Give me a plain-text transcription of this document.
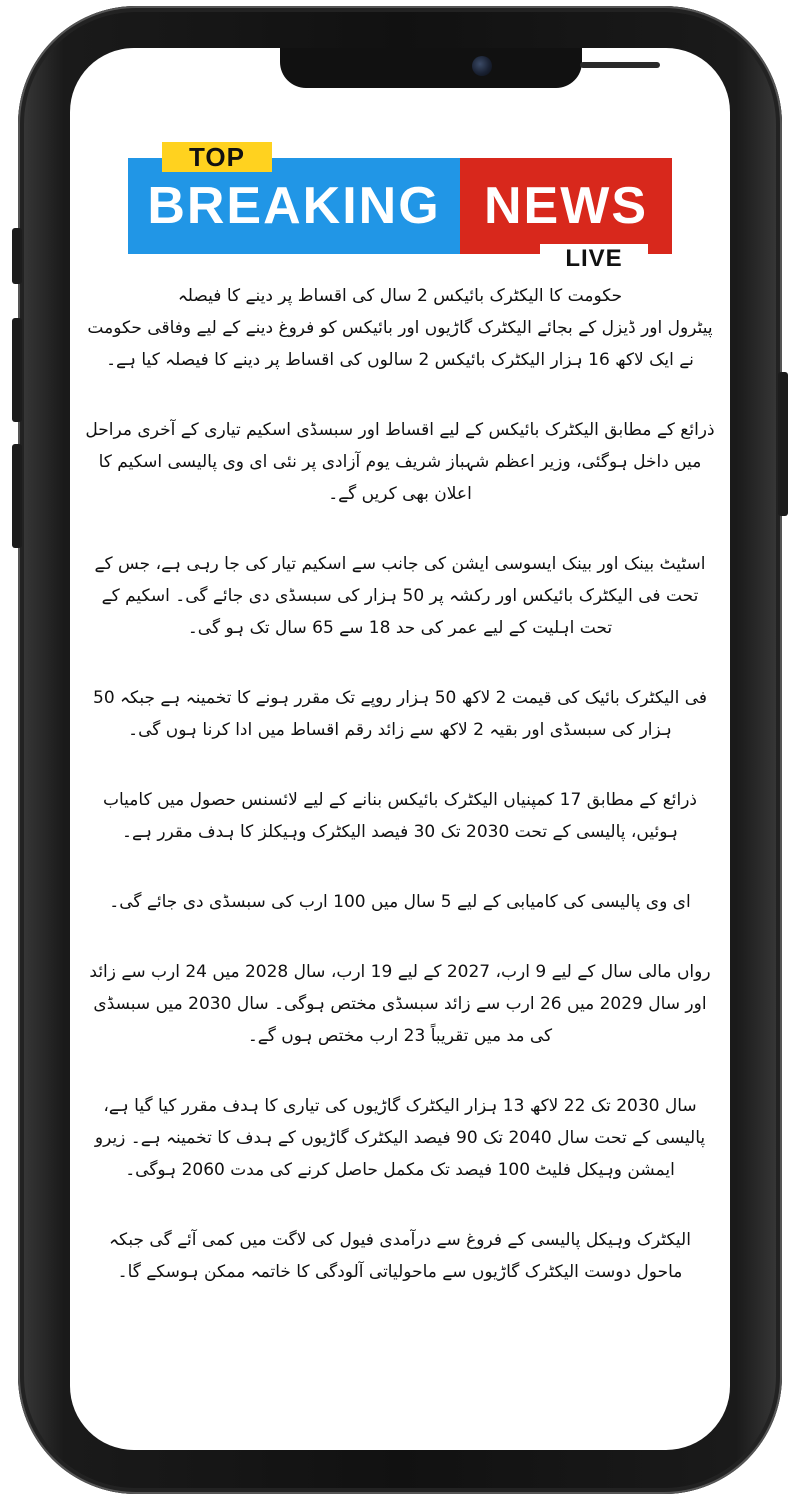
BREAKING NEWS
TOP
LIVE

حکومت کا الیکٹرک بائیکس 2 سال کی اقساط پر دینے کا فیصلہ

پیٹرول اور ڈیزل کے بجائے الیکٹرک گاڑیوں اور بائیکس کو فروغ دینے کے لیے وفاقی حکومت نے ایک لاکھ 16 ہزار الیکٹرک بائیکس 2 سالوں کی اقساط پر دینے کا فیصلہ کیا ہے۔

ذرائع کے مطابق الیکٹرک بائیکس کے لیے اقساط اور سبسڈی اسکیم تیاری کے آخری مراحل میں داخل ہوگئی، وزیر اعظم شہباز شریف یوم آزادی پر نئی ای وی پالیسی اسکیم کا اعلان بھی کریں گے۔

اسٹیٹ بینک اور بینک ایسوسی ایشن کی جانب سے اسکیم تیار کی جا رہی ہے، جس کے تحت فی الیکٹرک بائیکس اور رکشہ پر 50 ہزار کی سبسڈی دی جائے گی۔ اسکیم کے تحت اہلیت کے لیے عمر کی حد 18 سے 65 سال تک ہو گی۔

فی الیکٹرک بائیک کی قیمت 2 لاکھ 50 ہزار روپے تک مقرر ہونے کا تخمینہ ہے جبکہ 50 ہزار کی سبسڈی اور بقیہ 2 لاکھ سے زائد رقم اقساط میں ادا کرنا ہوں گی۔

ذرائع کے مطابق 17 کمپنیاں الیکٹرک بائیکس بنانے کے لیے لائسنس حصول میں کامیاب ہوئیں، پالیسی کے تحت 2030 تک 30 فیصد الیکٹرک وہیکلز کا ہدف مقرر ہے۔

ای وی پالیسی کی کامیابی کے لیے 5 سال میں 100 ارب کی سبسڈی دی جائے گی۔

رواں مالی سال کے لیے 9 ارب، 2027 کے لیے 19 ارب، سال 2028 میں 24 ارب سے زائد اور سال 2029 میں 26 ارب سے زائد سبسڈی مختص ہوگی۔ سال 2030 میں سبسڈی کی مد میں تقریباً 23 ارب مختص ہوں گے۔

سال 2030 تک 22 لاکھ 13 ہزار الیکٹرک گاڑیوں کی تیاری کا ہدف مقرر کیا گیا ہے، پالیسی کے تحت سال 2040 تک 90 فیصد الیکٹرک گاڑیوں کے ہدف کا تخمینہ ہے۔ زیرو ایمشن وہیکل فلیٹ 100 فیصد تک مکمل حاصل کرنے کی مدت 2060 ہوگی۔

الیکٹرک وہیکل پالیسی کے فروغ سے درآمدی فیول کی لاگت میں کمی آئے گی جبکہ ماحول دوست الیکٹرک گاڑیوں سے ماحولیاتی آلودگی کا خاتمہ ممکن ہوسکے گا۔
